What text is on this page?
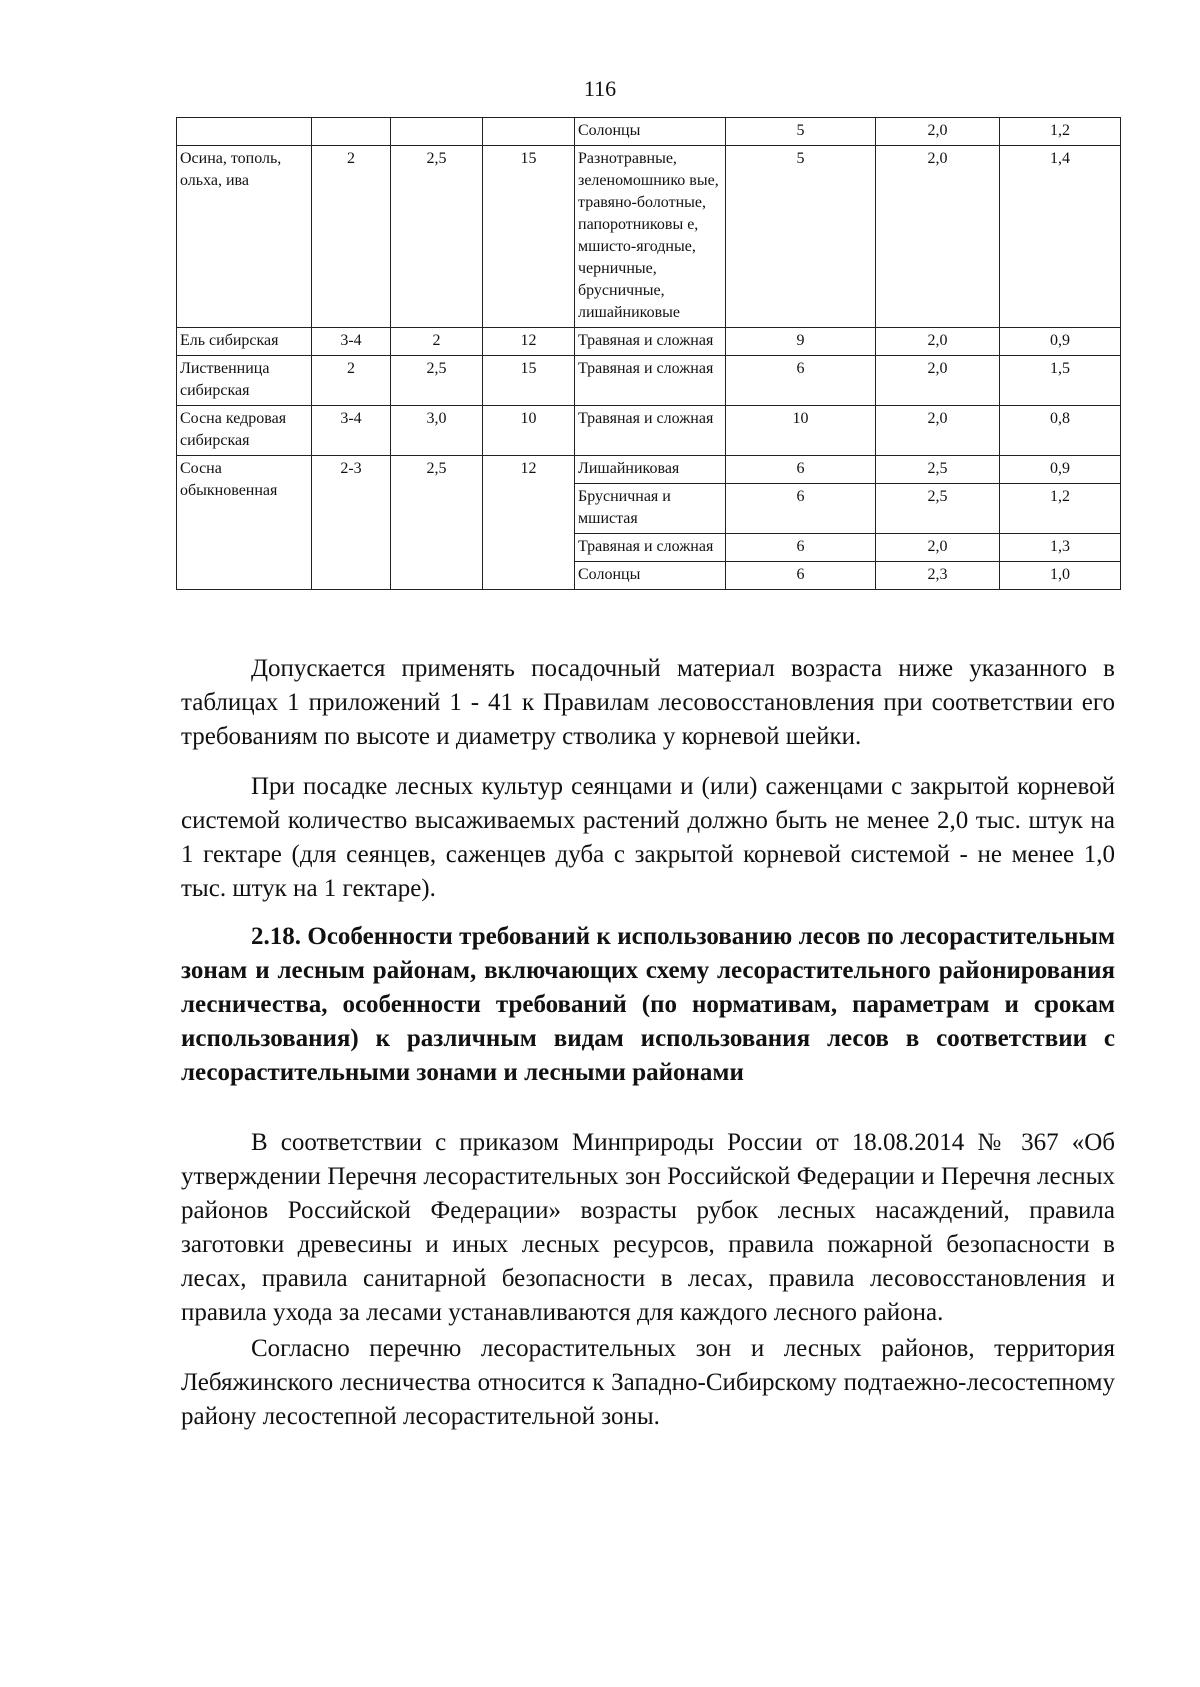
116
				Солонцы	5	2,0	1,2
Осина, тополь, ольха, ива	2	2,5	15	Разнотравные, зеленомошнико вые, травяно-болотные, папоротниковы е, мшисто-ягодные, черничные, брусничные, лишайниковые	5	2,0	1,4
Ель сибирская	3-4	2	12	Травяная и сложная	9	2,0	0,9
Лиственница сибирская	2	2,5	15	Травяная и сложная	6	2,0	1,5
Сосна кедровая сибирская	3-4	3,0	10	Травяная и сложная	10	2,0	0,8
Сосна обыкновенная	2-3	2,5	12	Лишайниковая	6	2,5	0,9
				Брусничная и мшистая	6	2,5	1,2
				Травяная и сложная	6	2,0	1,3
				Солонцы	6	2,3	1,0
Допускается применять посадочный материал возраста ниже указанного в таблицах 1 приложений 1 - 41 к Правилам лесовосстановления при соответствии его требованиям по высоте и диаметру стволика у корневой шейки.
При посадке лесных культур сеянцами и (или) саженцами с закрытой корневой системой количество высаживаемых растений должно быть не менее 2,0 тыс. штук на 1 гектаре (для сеянцев, саженцев дуба с закрытой корневой системой - не менее 1,0 тыс. штук на 1 гектаре).
2.18. Особенности требований к использованию лесов по лесорастительным зонам и лесным районам, включающих схему лесорастительного районирования лесничества, особенности требований (по нормативам, параметрам и срокам использования) к различным видам использования лесов в соответствии с лесорастительными зонами и лесными районами
В соответствии с приказом Минприроды России от 18.08.2014 № 367 «Об утверждении Перечня лесорастительных зон Российской Федерации и Перечня лесных районов Российской Федерации» возрасты рубок лесных насаждений, правила заготовки древесины и иных лесных ресурсов, правила пожарной безопасности в лесах, правила санитарной безопасности в лесах, правила лесовосстановления и правила ухода за лесами устанавливаются для каждого лесного района.
Согласно перечню лесорастительных зон и лесных районов, территория Лебяжинского лесничества относится к Западно-Сибирскому подтаежно-лесостепному району лесостепной лесорастительной зоны.
